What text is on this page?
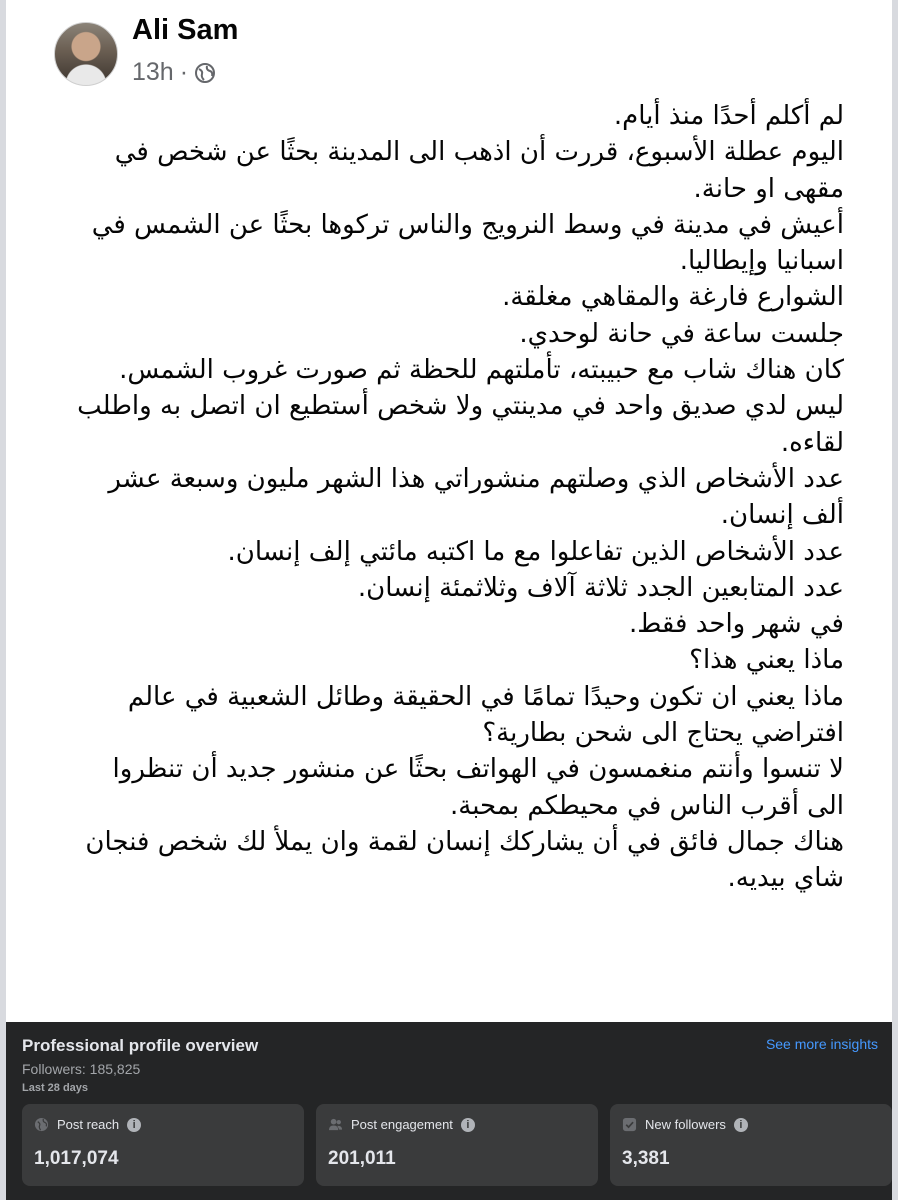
Ali Sam
13h ·

لم أكلم أحدًا منذ أيام.

اليوم عطلة الأسبوع، قررت أن اذهب الى المدينة بحثًا عن شخص في مقهى او حانة.

أعيش في مدينة في وسط النرويج والناس تركوها بحثًا عن الشمس في اسبانيا وإيطاليا.

الشوارع فارغة والمقاهي مغلقة.

جلست ساعة في حانة لوحدي.

كان هناك شاب مع حبيبته، تأملتهم للحظة ثم صورت غروب الشمس.

ليس لدي صديق واحد في مدينتي ولا شخص أستطيع ان اتصل به واطلب لقاءه.

عدد الأشخاص الذي وصلتهم منشوراتي هذا الشهر مليون وسبعة عشر ألف إنسان.

عدد الأشخاص الذين تفاعلوا مع ما اكتبه مائتي إلف إنسان.

عدد المتابعين الجدد ثلاثة آلاف وثلاثمئة إنسان.

في شهر واحد فقط.

ماذا يعني هذا؟

ماذا يعني ان تكون وحيدًا تمامًا في الحقيقة وطائل الشعبية في عالم افتراضي يحتاج الى شحن بطارية؟

لا تنسوا وأنتم منغمسون في الهواتف بحثًا عن منشور جديد أن تنظروا الى أقرب الناس في محيطكم بمحبة.

هناك جمال فائق في أن يشاركك إنسان لقمة وان يملأ لك شخص فنجان شاي بيديه.

Professional profile overview	See more insights
Followers: 185,825
Last 28 days
Post reach	i
1,017,074
Post engagement	i
201,011
New followers	i
3,381
